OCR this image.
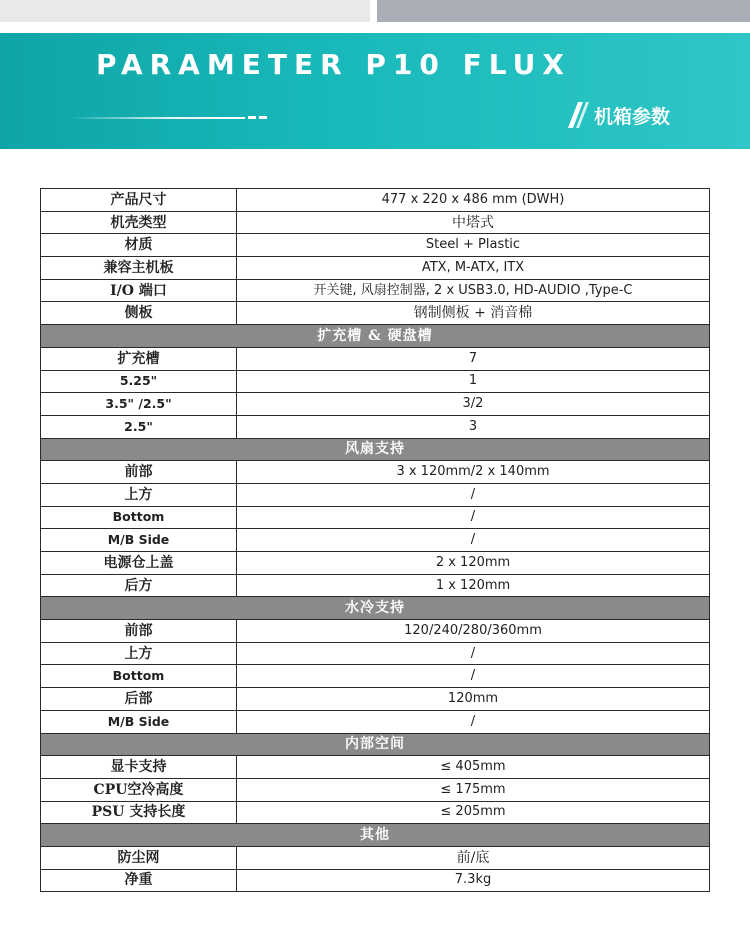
PARAMETER P10 FLUX
机箱参数
产品尺寸	477 x 220 x 486 mm (DWH)
机壳类型	中塔式
材质	Steel + Plastic
兼容主机板	ATX, M-ATX, ITX
I/O 端口	开关键, 风扇控制器, 2 x USB3.0, HD-AUDIO ,Type-C
侧板	钢制侧板 + 消音棉
扩充槽 & 硬盘槽	
扩充槽	7
5.25"	1
3.5" /2.5"	3/2
2.5"	3
风扇支持	
前部	3 x 120mm/2 x 140mm
上方	/
Bottom	/
M/B Side	/
电源仓上盖	2 x 120mm
后方	1 x 120mm
水冷支持	
前部	120/240/280/360mm
上方	/
Bottom	/
后部	120mm
M/B Side	/
内部空间	
显卡支持	≤ 405mm
CPU空冷高度	≤ 175mm
PSU 支持长度	≤ 205mm
其他	
防尘网	前/底
净重	7.3kg
